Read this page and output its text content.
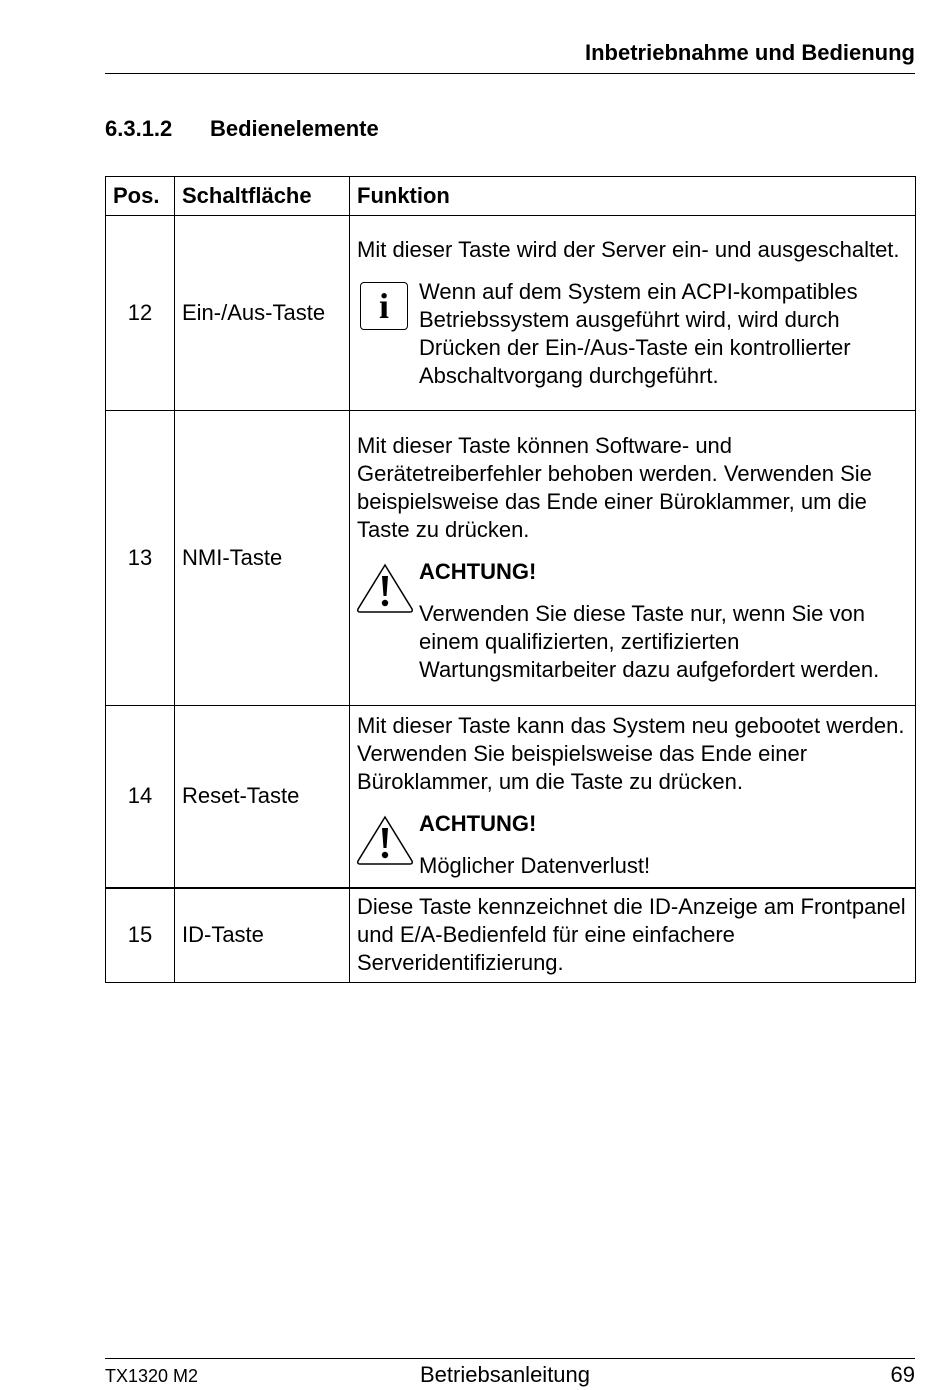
Inbetriebnahme und Bedienung
6.3.1.2 Bedienelemente
Pos.	Schaltfläche	Funktion
12	Ein-/Aus-Taste	Mit dieser Taste wird der Server ein- und ausgeschaltet.

i Wenn auf dem System ein ACPI-kompatibles Betriebssystem ausgeführt wird, wird durch Drücken der Ein-/Aus-Taste ein kontrollierter Abschaltvorgang durchgeführt.

13	NMI-Taste	Mit dieser Taste können Software- und Gerätetreiberfehler behoben werden. Verwenden Sie beispielsweise das Ende einer Büroklammer, um die Taste zu drücken.

ACHTUNG!
Verwenden Sie diese Taste nur, wenn Sie von einem qualifizierten, zertifizierten Wartungsmitarbeiter dazu aufgefordert werden.

14	Reset-Taste	Mit dieser Taste kann das System neu gebootet werden. Verwenden Sie beispielsweise das Ende einer Büroklammer, um die Taste zu drücken.

ACHTUNG!
Möglicher Datenverlust!

15	ID-Taste	Diese Taste kennzeichnet die ID-Anzeige am Frontpanel und E/A-Bedienfeld für eine einfachere Serveridentifizierung.

TX1320 M2	Betriebsanleitung	69
